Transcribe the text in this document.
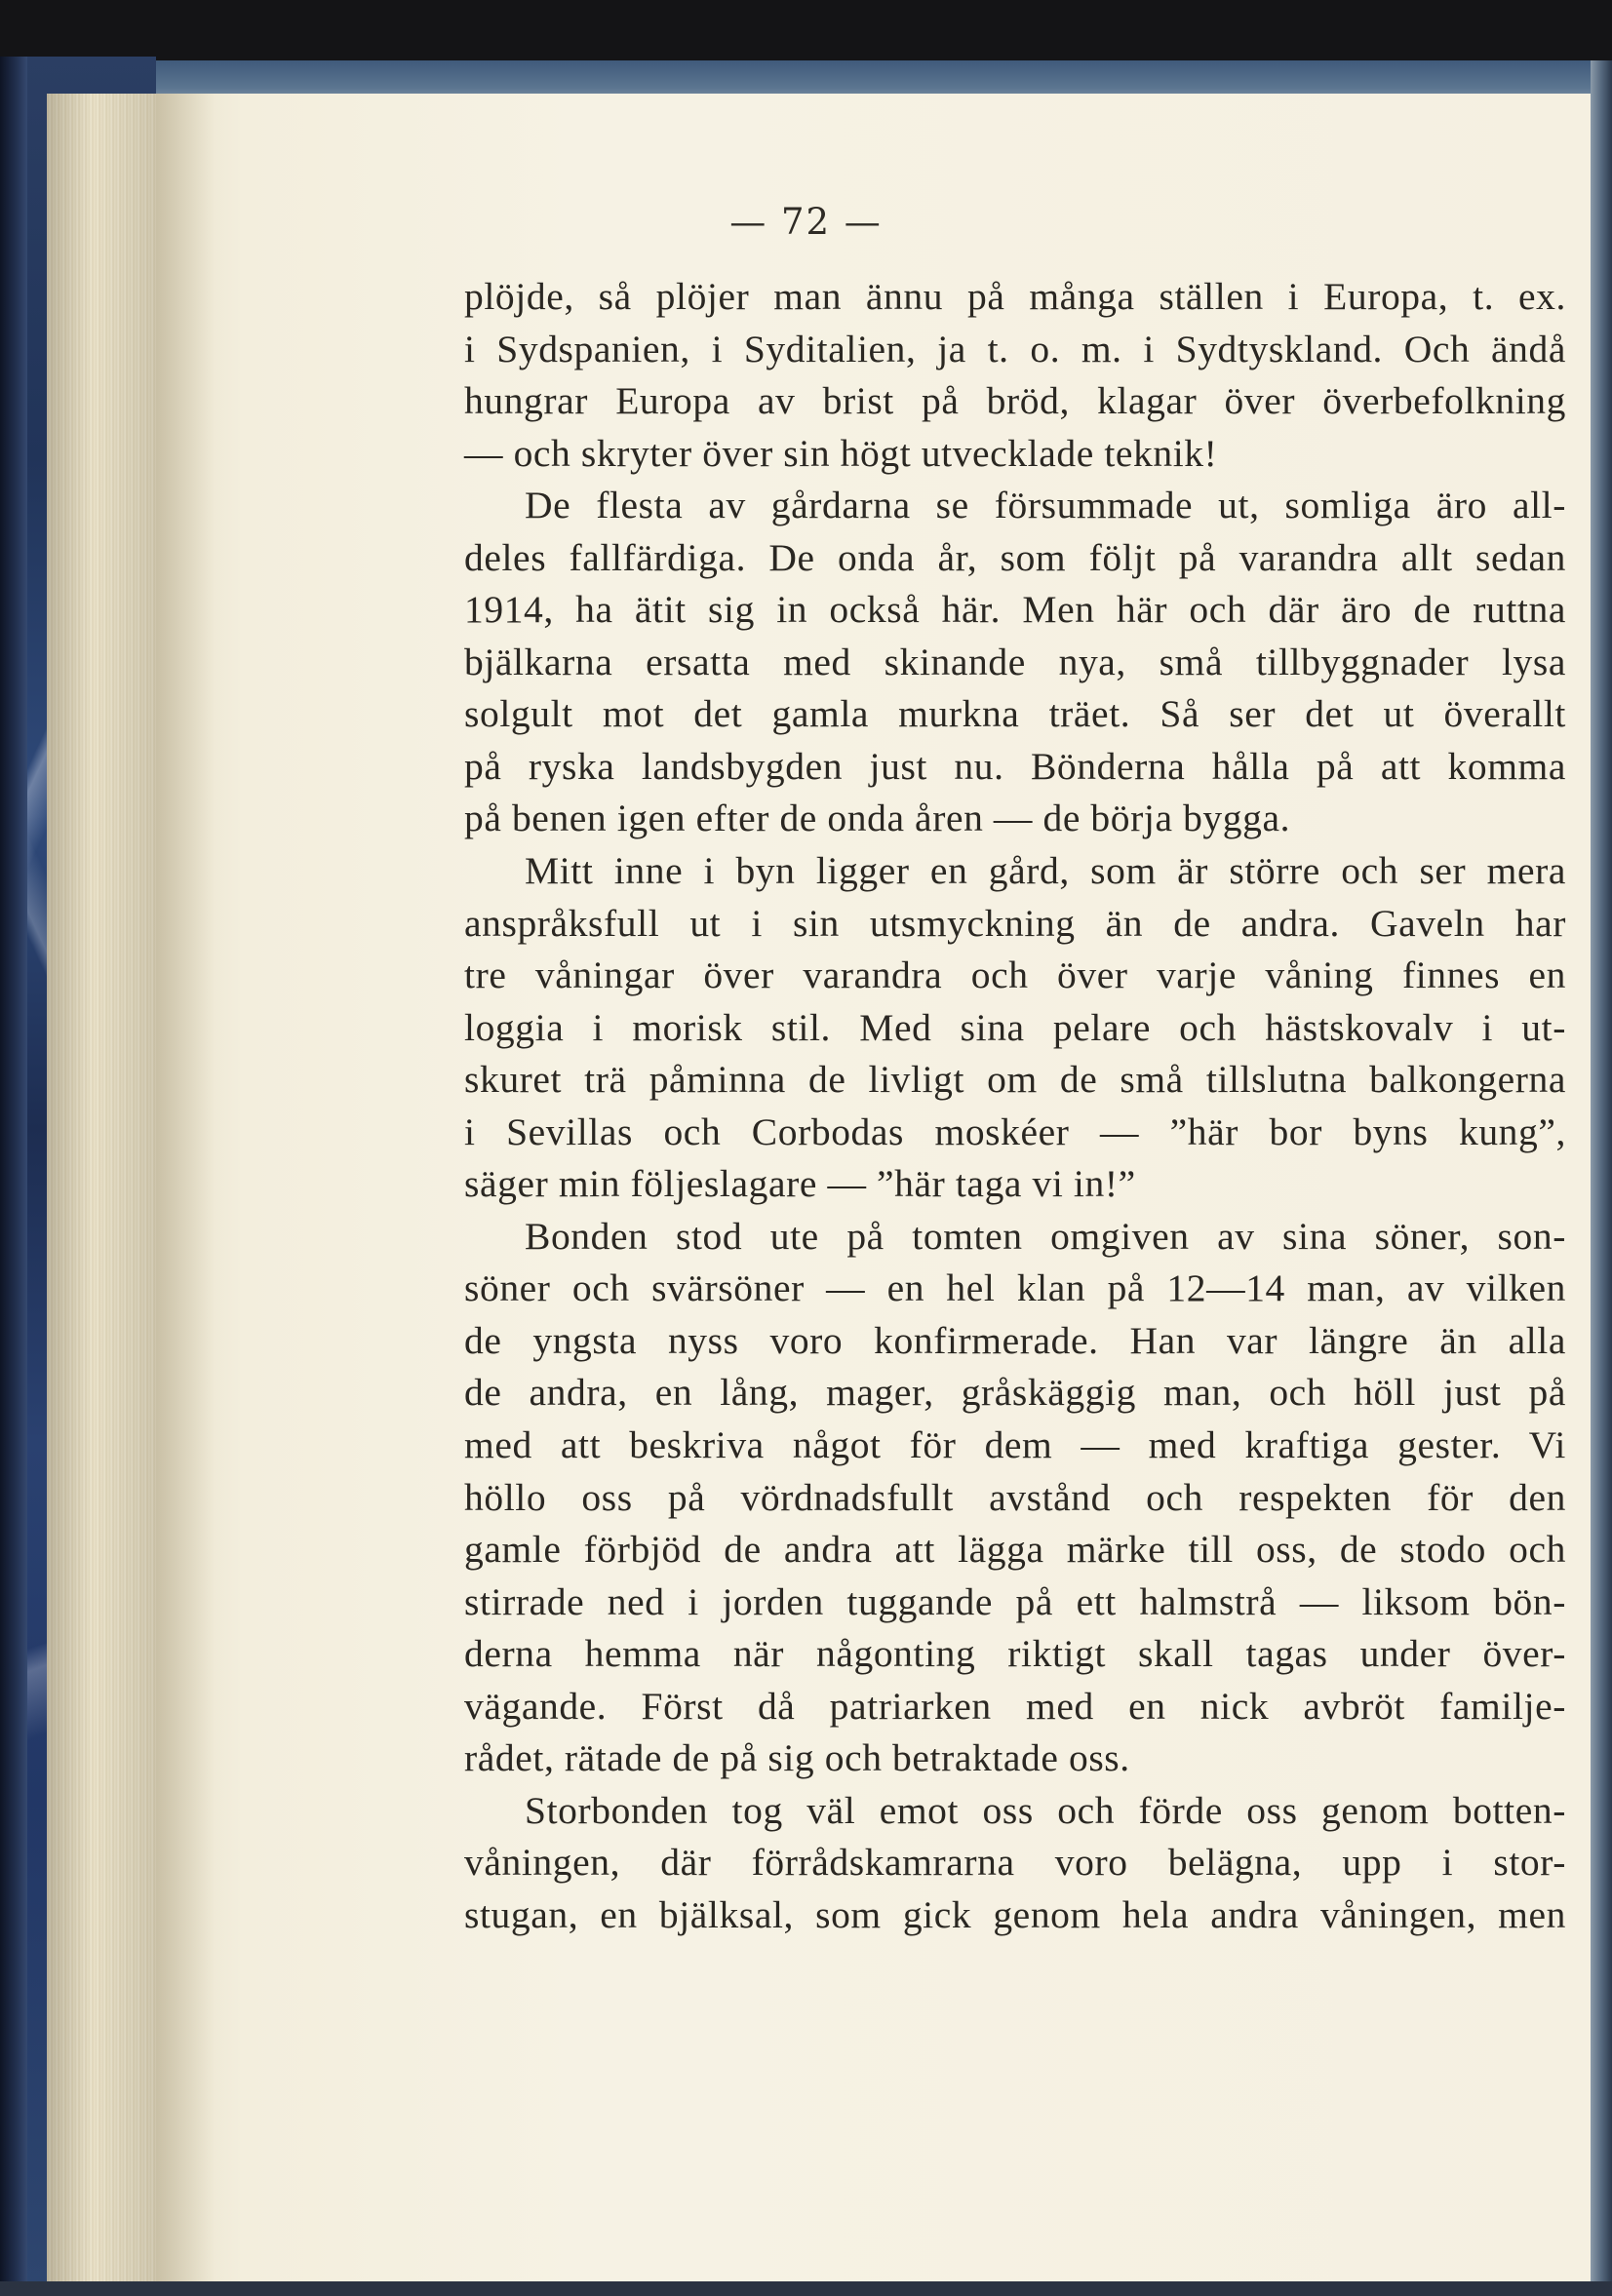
— 72 —
plöjde, så plöjer man ännu på många ställen i Europa, t. ex.
i Sydspanien, i Syditalien, ja t. o. m. i Sydtyskland. Och ändå
hungrar Europa av brist på bröd, klagar över överbefolkning
— och skryter över sin högt utvecklade teknik!
De flesta av gårdarna se försummade ut, somliga äro all-
deles fallfärdiga. De onda år, som följt på varandra allt sedan
1914, ha ätit sig in också här. Men här och där äro de ruttna
bjälkarna ersatta med skinande nya, små tillbyggnader lysa
solgult mot det gamla murkna träet. Så ser det ut överallt
på ryska landsbygden just nu. Bönderna hålla på att komma
på benen igen efter de onda åren — de börja bygga.
Mitt inne i byn ligger en gård, som är större och ser mera
anspråksfull ut i sin utsmyckning än de andra. Gaveln har
tre våningar över varandra och över varje våning finnes en
loggia i morisk stil. Med sina pelare och hästskovalv i ut-
skuret trä påminna de livligt om de små tillslutna balkongerna
i Sevillas och Corbodas moskéer — ”här bor byns kung”,
säger min följeslagare — ”här taga vi in!”
Bonden stod ute på tomten omgiven av sina söner, son-
söner och svärsöner — en hel klan på 12—14 man, av vilken
de yngsta nyss voro konfirmerade. Han var längre än alla
de andra, en lång, mager, gråskäggig man, och höll just på
med att beskriva något för dem — med kraftiga gester. Vi
höllo oss på vördnadsfullt avstånd och respekten för den
gamle förbjöd de andra att lägga märke till oss, de stodo och
stirrade ned i jorden tuggande på ett halmstrå — liksom bön-
derna hemma när någonting riktigt skall tagas under över-
vägande. Först då patriarken med en nick avbröt familje-
rådet, rätade de på sig och betraktade oss.
Storbonden tog väl emot oss och förde oss genom botten-
våningen, där förrådskamrarna voro belägna, upp i stor-
stugan, en bjälksal, som gick genom hela andra våningen, men
